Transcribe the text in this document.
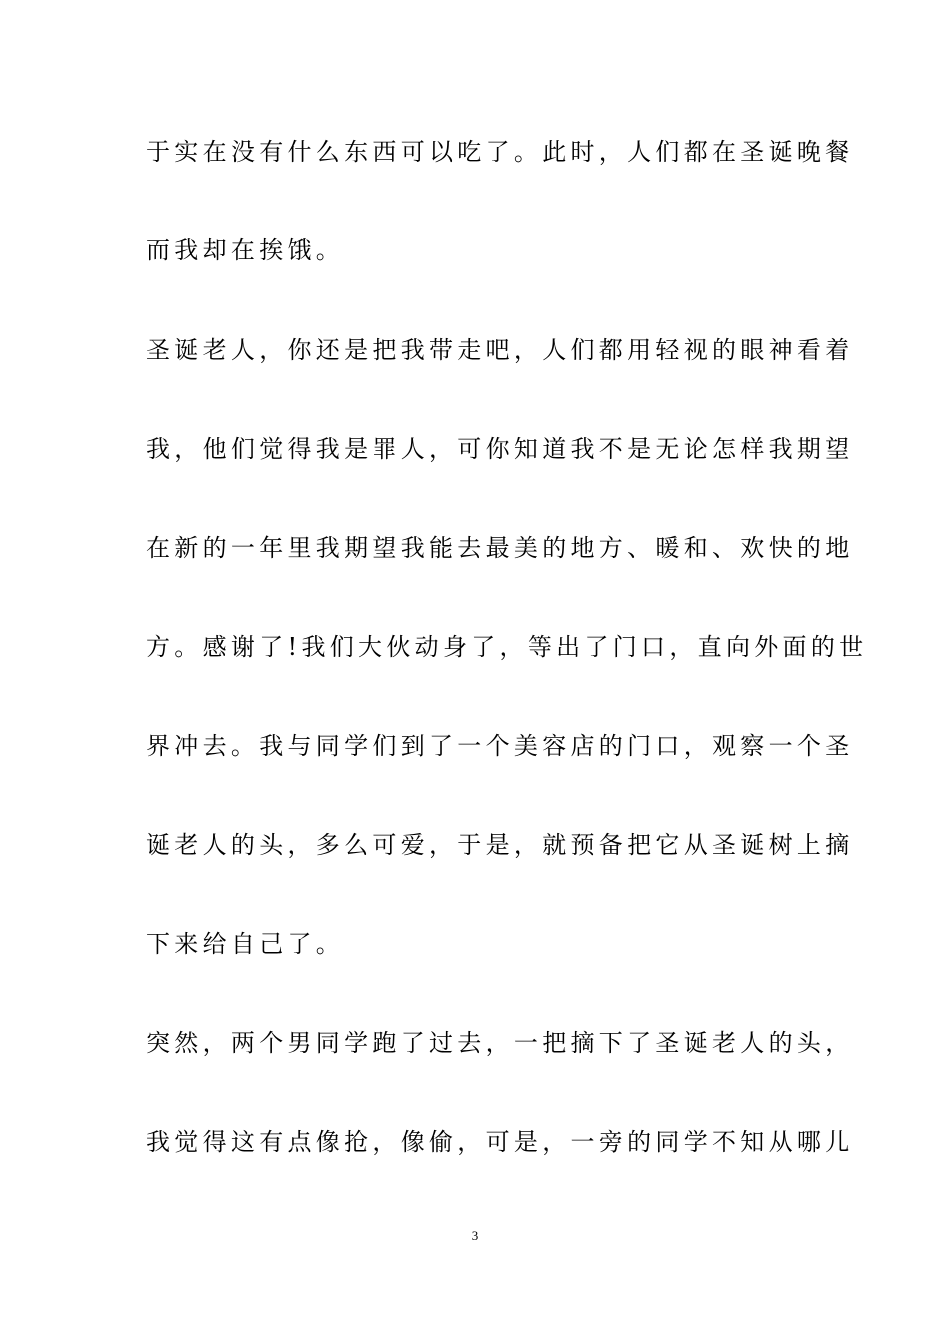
于实在没有什么东西可以吃了。此时，人们都在圣诞晚餐
而我却在挨饿。
圣诞老人，你还是把我带走吧，人们都用轻视的眼神看着
我，他们觉得我是罪人，可你知道我不是无论怎样我期望
在新的一年里我期望我能去最美的地方、暖和、欢快的地
方。感谢了!我们大伙动身了，等出了门口，直向外面的世
界冲去。我与同学们到了一个美容店的门口，观察一个圣
诞老人的头，多么可爱，于是，就预备把它从圣诞树上摘
下来给自己了。
突然，两个男同学跑了过去，一把摘下了圣诞老人的头，
我觉得这有点像抢，像偷，可是，一旁的同学不知从哪儿
3
